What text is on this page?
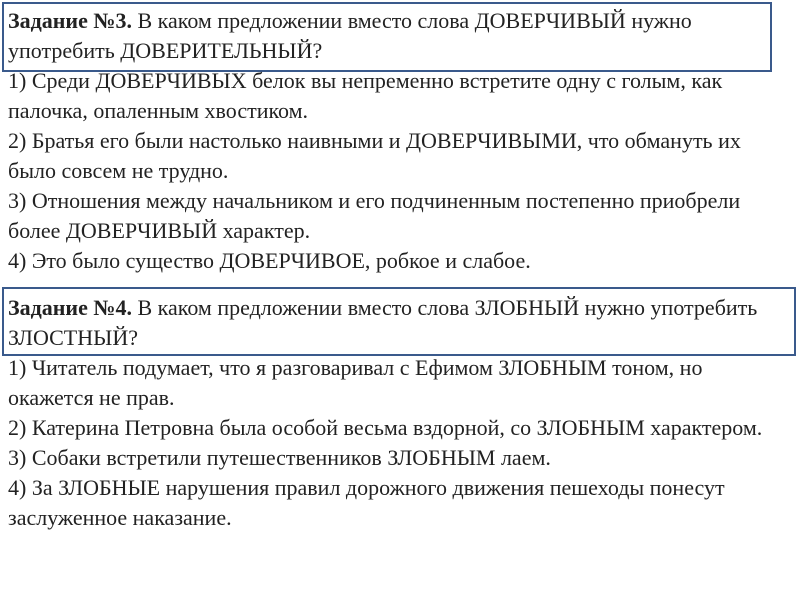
Задание №3. В каком предложении вместо слова ДОВЕРЧИВЫЙ нужно употребить ДОВЕРИТЕЛЬНЫЙ?

1) Среди ДОВЕРЧИВЫХ белок вы непременно встретите одну с голым, как палочка, опаленным хвостиком.

2) Братья его были настолько наивными и ДОВЕРЧИВЫМИ, что обмануть их было совсем не трудно.

3) Отношения между начальником и его подчиненным постепенно приобрели более ДОВЕРЧИВЫЙ характер.

4) Это было существо ДОВЕРЧИВОЕ, робкое и слабое.

Задание №4. В каком предложении вместо слова ЗЛОБНЫЙ нужно употребить ЗЛОСТНЫЙ?

1) Читатель подумает, что я разговаривал с Ефимом ЗЛОБНЫМ тоном, но окажется не прав.

2) Катерина Петровна была особой весьма вздорной, со ЗЛОБНЫМ характером.

3) Собаки встретили путешественников ЗЛОБНЫМ лаем.

4) За ЗЛОБНЫЕ нарушения правил дорожного движения пешеходы понесут заслуженное наказание.
